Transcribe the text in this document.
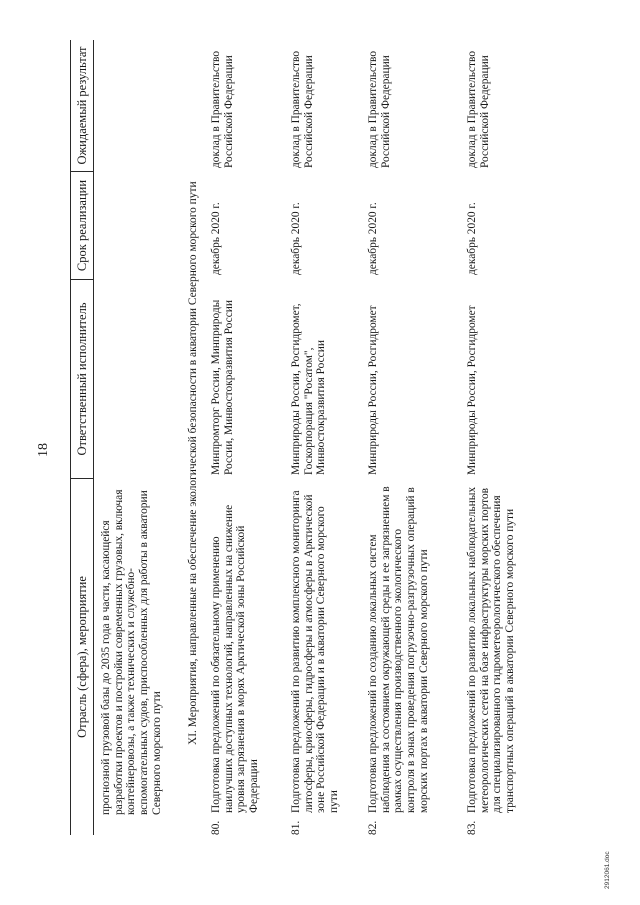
18
Отрасль (сфера), мероприятие
Ответственный исполнитель
Срок реализации
Ожидаемый результат
прогнозной грузовой базы до 2035 года в части, касающейся разработки проектов и постройки современных грузовых, включая контейнеровозы, а также технических и служебно-вспомогательных судов, приспособленных для работы в акватории Северного морского пути
XI. Мероприятия, направленные на обеспечение экологической безопасности в акватории Северного морского пути
80.
Подготовка предложений по обязательному применению наилучших доступных технологий, направленных на снижение уровня загрязнения в морях Арктической зоны Российской Федерации
Минпромторг России, Минприроды России, Минвостокразвития России
декабрь 2020 г.
доклад в Правительство Российской Федерации
81.
Подготовка предложений по развитию комплексного мониторинга литосферы, криосферы, гидросферы и атмосферы в Арктической зоне Российской Федерации и в акватории Северного морского пути
Минприроды России, Росгидромет, Госкорпорация "Росатом", Минвостокразвития России
декабрь 2020 г.
доклад в Правительство Российской Федерации
82.
Подготовка предложений по созданию локальных систем наблюдения за состоянием окружающей среды и ее загрязнением в рамках осуществления производственного экологического контроля в зонах проведения погрузочно-разгрузочных операций в морских портах в акватории Северного морского пути
Минприроды России, Росгидромет
декабрь 2020 г.
доклад в Правительство Российской Федерации
83.
Подготовка предложений по развитию локальных наблюдательных метеорологических сетей на базе инфраструктуры морских портов для специализированного гидрометеорологического обеспечения транспортных операций в акватории Северного морского пути
Минприроды России, Росгидромет
декабрь 2020 г.
доклад в Правительство Российской Федерации
2912061.doc
